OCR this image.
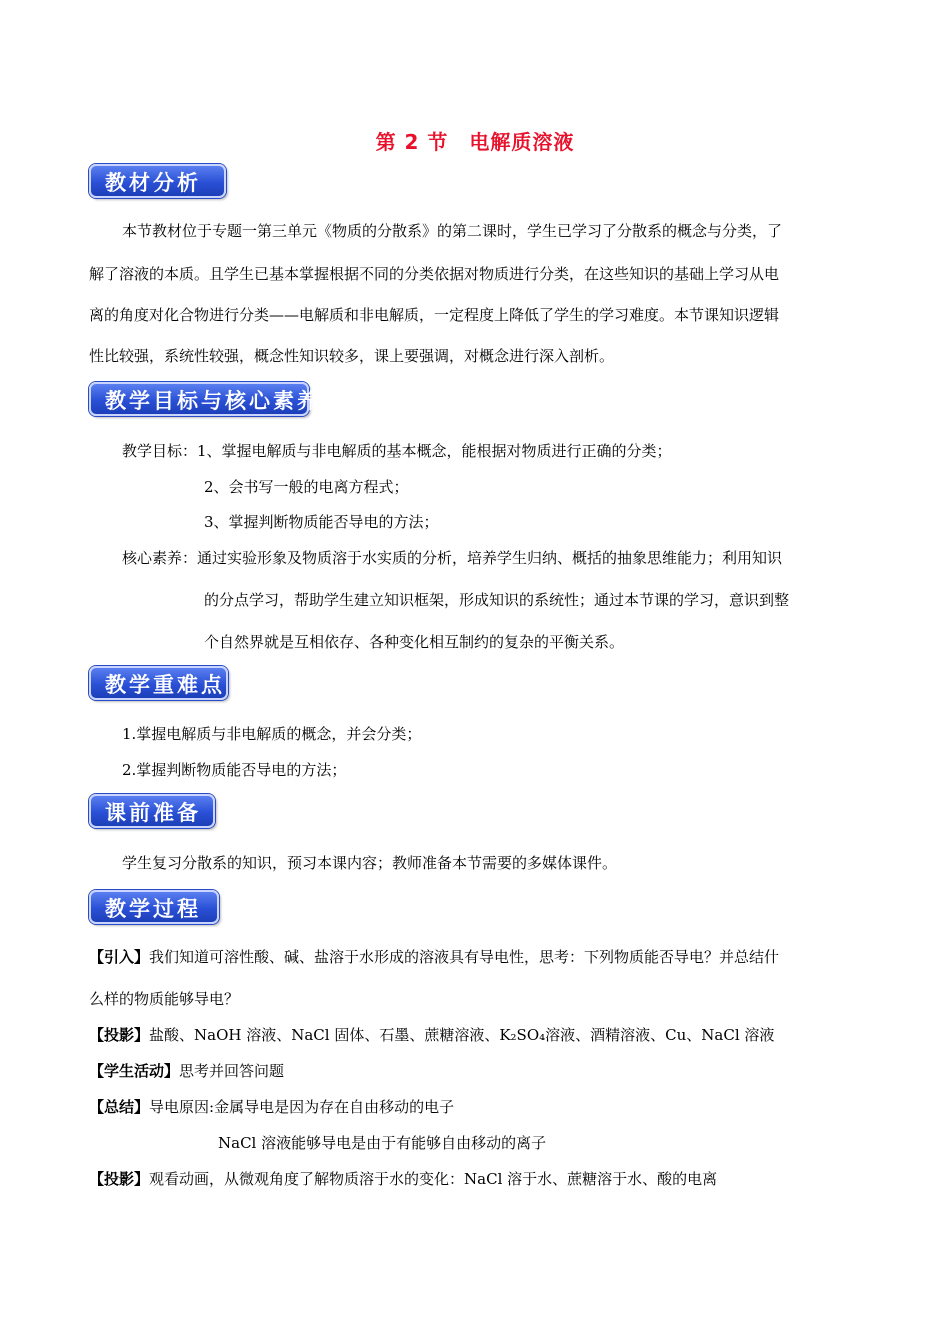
第 2 节　电解质溶液
教材分析
本节教材位于专题一第三单元《物质的分散系》的第二课时，学生已学习了分散系的概念与分类，了
解了溶液的本质。且学生已基本掌握根据不同的分类依据对物质进行分类，在这些知识的基础上学习从电
离的角度对化合物进行分类——电解质和非电解质，一定程度上降低了学生的学习难度。本节课知识逻辑
性比较强，系统性较强，概念性知识较多，课上要强调，对概念进行深入剖析。
教学目标与核心素养
教学目标：1、掌握电解质与非电解质的基本概念，能根据对物质进行正确的分类；
2、会书写一般的电离方程式；
3、掌握判断物质能否导电的方法；
核心素养：通过实验形象及物质溶于水实质的分析，培养学生归纳、概括的抽象思维能力；利用知识
的分点学习，帮助学生建立知识框架，形成知识的系统性；通过本节课的学习，意识到整
个自然界就是互相依存、各种变化相互制约的复杂的平衡关系。
教学重难点
1.掌握电解质与非电解质的概念，并会分类；
2.掌握判断物质能否导电的方法；
课前准备
学生复习分散系的知识，预习本课内容；教师准备本节需要的多媒体课件。
教学过程
【引入】我们知道可溶性酸、碱、盐溶于水形成的溶液具有导电性，思考：下列物质能否导电？并总结什
么样的物质能够导电？
【投影】盐酸、NaOH 溶液、NaCl 固体、石墨、蔗糖溶液、K₂SO₄溶液、酒精溶液、Cu、NaCl 溶液
【学生活动】思考并回答问题
【总结】导电原因:金属导电是因为存在自由移动的电子
NaCl 溶液能够导电是由于有能够自由移动的离子
【投影】观看动画，从微观角度了解物质溶于水的变化：NaCl 溶于水、蔗糖溶于水、酸的电离
